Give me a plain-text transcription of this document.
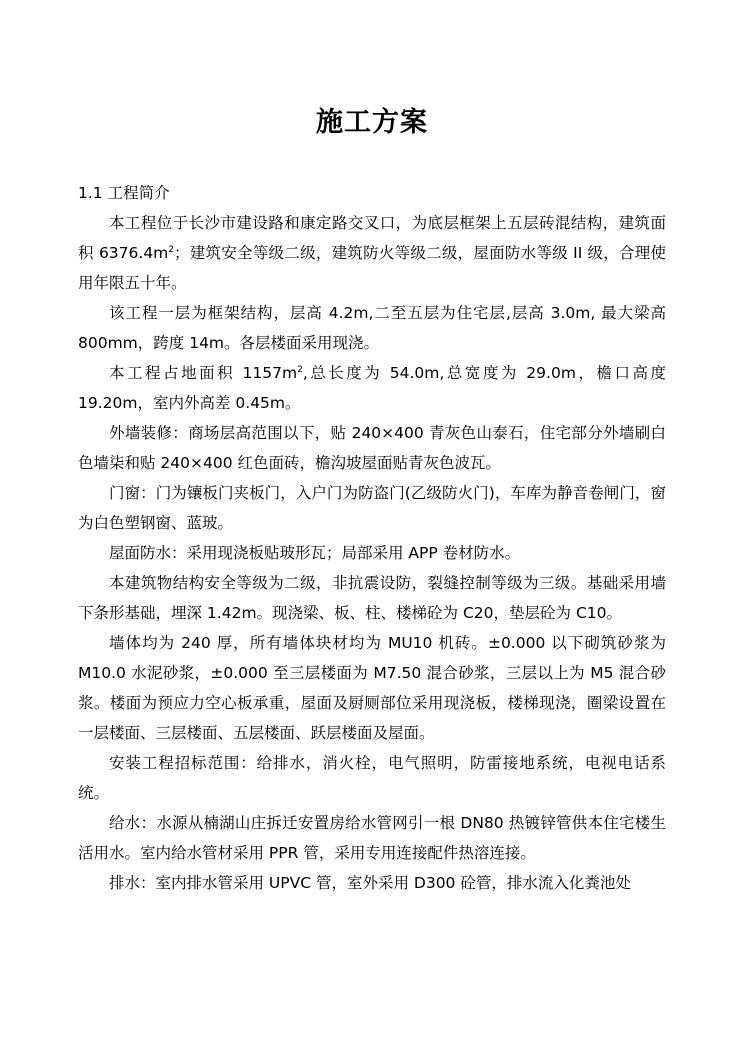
施工方案
1.1 工程简介

本工程位于长沙市建设路和康定路交叉口，为底层框架上五层砖混结构，建筑面积 $6376.4m^2$；建筑安全等级二级，建筑防火等级二级，屋面防水等级 II 级，合理使用年限五十年。

该工程一层为框架结构，层高 4.2m,二至五层为住宅层,层高 3.0m, 最大梁高 800mm，跨度 14m。各层楼面采用现浇。

本工程占地面积 $1157m^2$,总长度为 54.0m,总宽度为 29.0m，檐口高度 19.20m，室内外高差 0.45m。

外墙装修：商场层高范围以下，贴 240×400 青灰色山泰石，住宅部分外墙刷白色墙柒和贴 240×400 红色面砖，檐沟坡屋面贴青灰色波瓦。

门窗：门为镶板门夹板门，入户门为防盗门(乙级防火门)，车库为静音卷闸门，窗为白色塑钢窗、蓝玻。

屋面防水：采用现浇板贴玻形瓦；局部采用 APP 卷材防水。

本建筑物结构安全等级为二级，非抗震设防，裂缝控制等级为三级。基础采用墙下条形基础，埋深 1.42m。现浇梁、板、柱、楼梯砼为 C20，垫层砼为 C10。

墙体均为 240 厚，所有墙体块材均为 MU10 机砖。±0.000 以下砌筑砂浆为 M10.0 水泥砂浆，±0.000 至三层楼面为 M7.50 混合砂浆，三层以上为 M5 混合砂浆。楼面为预应力空心板承重，屋面及厨厕部位采用现浇板，楼梯现浇，圈梁设置在一层楼面、三层楼面、五层楼面、跃层楼面及屋面。

安装工程招标范围：给排水，消火栓，电气照明，防雷接地系统，电视电话系统。

给水：水源从楠湖山庄拆迁安置房给水管网引一根 DN80 热镀锌管供本住宅楼生活用水。室内给水管材采用 PPR 管，采用专用连接配件热溶连接。

排水：室内排水管采用 UPVC 管，室外采用 D300 砼管，排水流入化粪池处
